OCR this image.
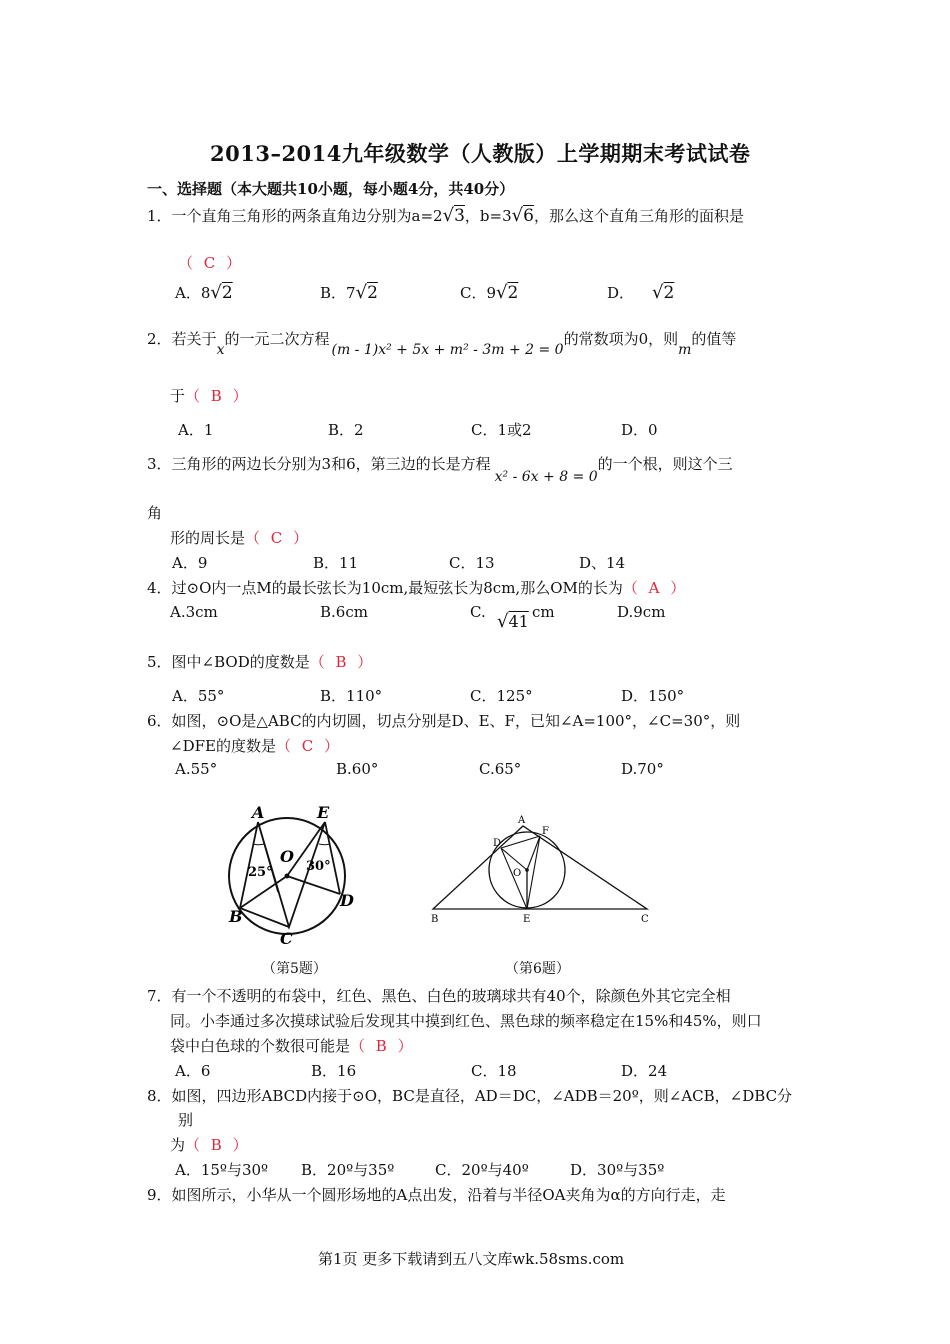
2013–2014九年级数学（人教版）上学期期末考试试卷
一、选择题（本大题共10小题，每小题4分，共40分）
1．一个直角三角形的两条直角边分别为a=2√3，b=3√6，那么这个直角三角形的面积是
（ C ）
A．8√2	B．7√2	C．9√2	D． √2
2．若关于x的一元二次方程(m - 1)x² + 5x + m² - 3m + 2 = 0的常数项为0，则m的值等
于（ B ）
A．1	B．2	C．1或2	D．0
3．三角形的两边长分别为3和6，第三边的长是方程x² - 6x + 8 = 0的一个根，则这个三
角
形的周长是（ C ）
A．9	B．11	C．13	D、14
4．过⊙O内一点M的最长弦长为10cm,最短弦长为8cm,那么OM的长为（ A ）
A.3cm	B.6cm	C. √41 cm	D.9cm
5．图中∠BOD的度数是（ B ）
A．55°	B．110°	C．125°	D．150°
6．如图，⊙O是△ABC的内切圆，切点分别是D、E、F，已知∠A=100°，∠C=30°，则
∠DFE的度数是（ C ）
A.55°	B.60°	C.65°	D.70°
A	E
O
25°	30°
B
C
D
（第5题）
A
D
F
O
B	E	C
（第6题）
7．有一个不透明的布袋中，红色、黑色、白色的玻璃球共有40个，除颜色外其它完全相
同。小李通过多次摸球试验后发现其中摸到红色、黑色球的频率稳定在15%和45%，则口
袋中白色球的个数很可能是（ B ）
A．6	B．16	C．18	D．24
8．如图，四边形ABCD内接于⊙O，BC是直径，AD＝DC，∠ADB＝20º，则∠ACB，∠DBC分
别
为（ B ）
A．15º与30º B．20º与35º	C．20º与40º	D．30º与35º
9．如图所示，小华从一个圆形场地的A点出发，沿着与半径OA夹角为α的方向行走，走
第1页 更多下载请到五八文库wk.58sms.com
